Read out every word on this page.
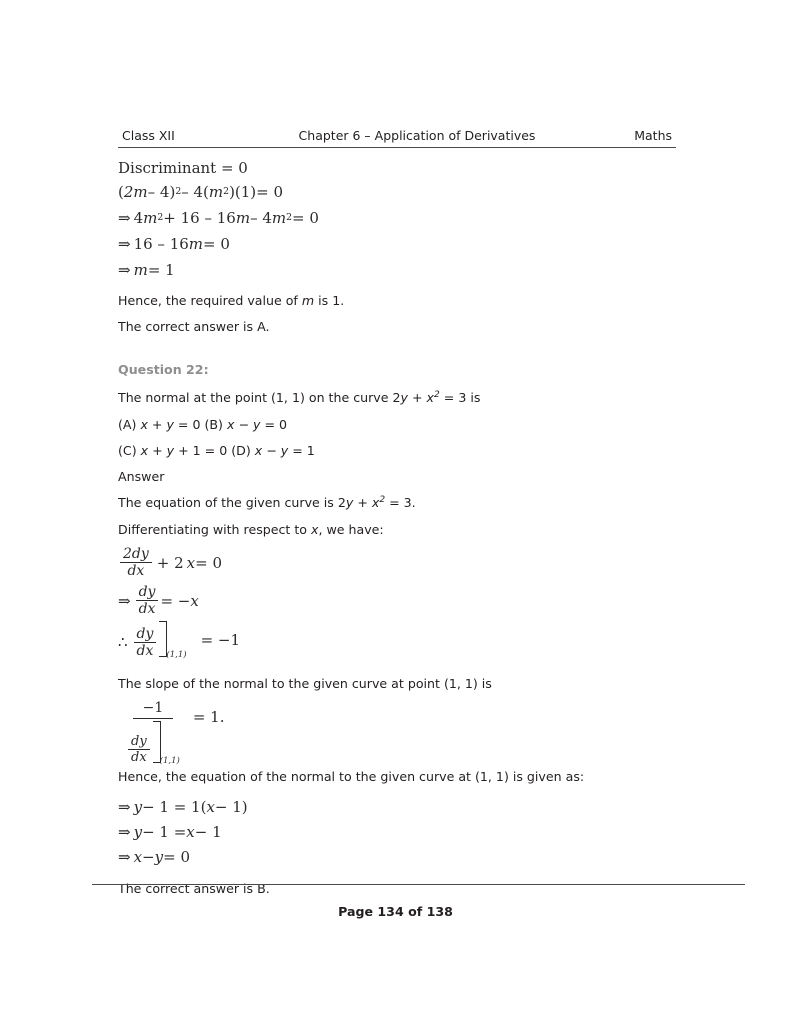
Class XII	Chapter 6 – Application of Derivatives	Maths
Discriminant = 0
( 2m – 4) 2 – 4 ( m 2 )(1) = 0
⇒ 4 m 2 + 16 – 16 m – 4 m 2 = 0
⇒ 16 – 16 m = 0
⇒ m = 1

Hence, the required value of m is 1.

The correct answer is A.

Question 22:

The normal at the point (1, 1) on the curve $2y + x^2 = 3$ is

(A) x + y = 0 (B) x − y = 0

(C) x + y + 1 = 0 (D) x − y = 1

Answer

The equation of the given curve is $2y + x^2 = 3$.

Differentiating with respect to x, we have:

$\frac{2dy}{dx} + 2$ x = 0
⇒ $\frac{dy}{dx}$ = − x
∴ $\frac{dy}{dx} (1,1)$
= −1

The slope of the normal to the given curve at point (1, 1) is

$\frac{-1}{\frac{dy}{dx} (1,1)} = 1$.

Hence, the equation of the normal to the given curve at (1, 1) is given as:

⇒ y − 1 = 1 ( x − 1)
⇒ y − 1 = x − 1
⇒ x − y = 0

The correct answer is B.

Page 134 of 138
